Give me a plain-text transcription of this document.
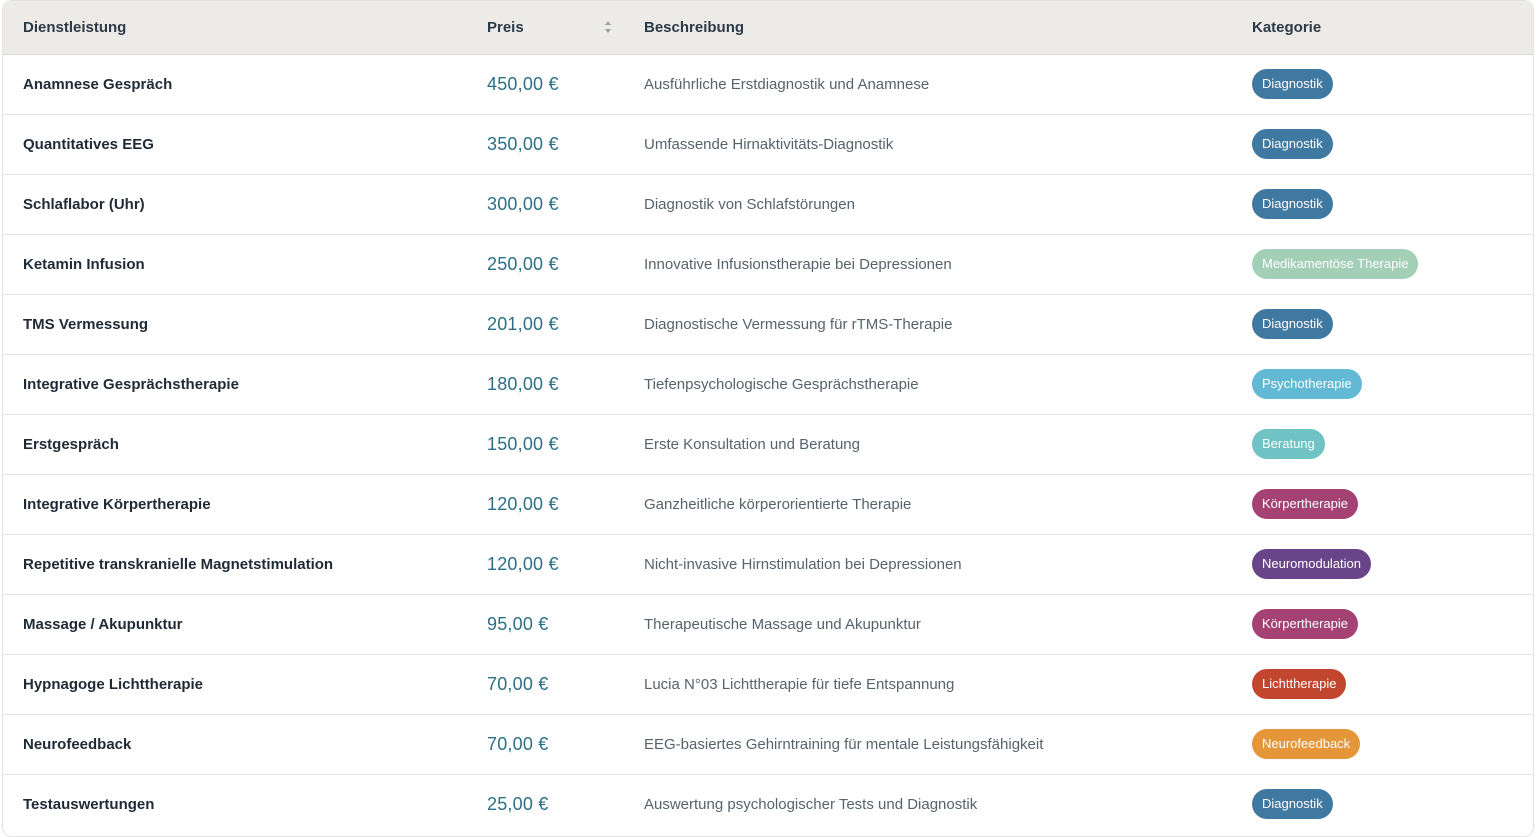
Dienstleistung	Preis	Beschreibung	Kategorie
Anamnese Gespräch	450,00 €	Ausführliche Erstdiagnostik und Anamnese	Diagnostik
Quantitatives EEG	350,00 €	Umfassende Hirnaktivitäts-Diagnostik	Diagnostik
Schlaflabor (Uhr)	300,00 €	Diagnostik von Schlafstörungen	Diagnostik
Ketamin Infusion	250,00 €	Innovative Infusionstherapie bei Depressionen	Medikamentöse Therapie
TMS Vermessung	201,00 €	Diagnostische Vermessung für rTMS-Therapie	Diagnostik
Integrative Gesprächstherapie	180,00 €	Tiefenpsychologische Gesprächstherapie	Psychotherapie
Erstgespräch	150,00 €	Erste Konsultation und Beratung	Beratung
Integrative Körpertherapie	120,00 €	Ganzheitliche körperorientierte Therapie	Körpertherapie
Repetitive transkranielle Magnetstimulation	120,00 €	Nicht-invasive Hirnstimulation bei Depressionen	Neuromodulation
Massage / Akupunktur	95,00 €	Therapeutische Massage und Akupunktur	Körpertherapie
Hypnagoge Lichttherapie	70,00 €	Lucia N°03 Lichttherapie für tiefe Entspannung	Lichttherapie
Neurofeedback	70,00 €	EEG-basiertes Gehirntraining für mentale Leistungsfähigkeit	Neurofeedback
Testauswertungen	25,00 €	Auswertung psychologischer Tests und Diagnostik	Diagnostik
